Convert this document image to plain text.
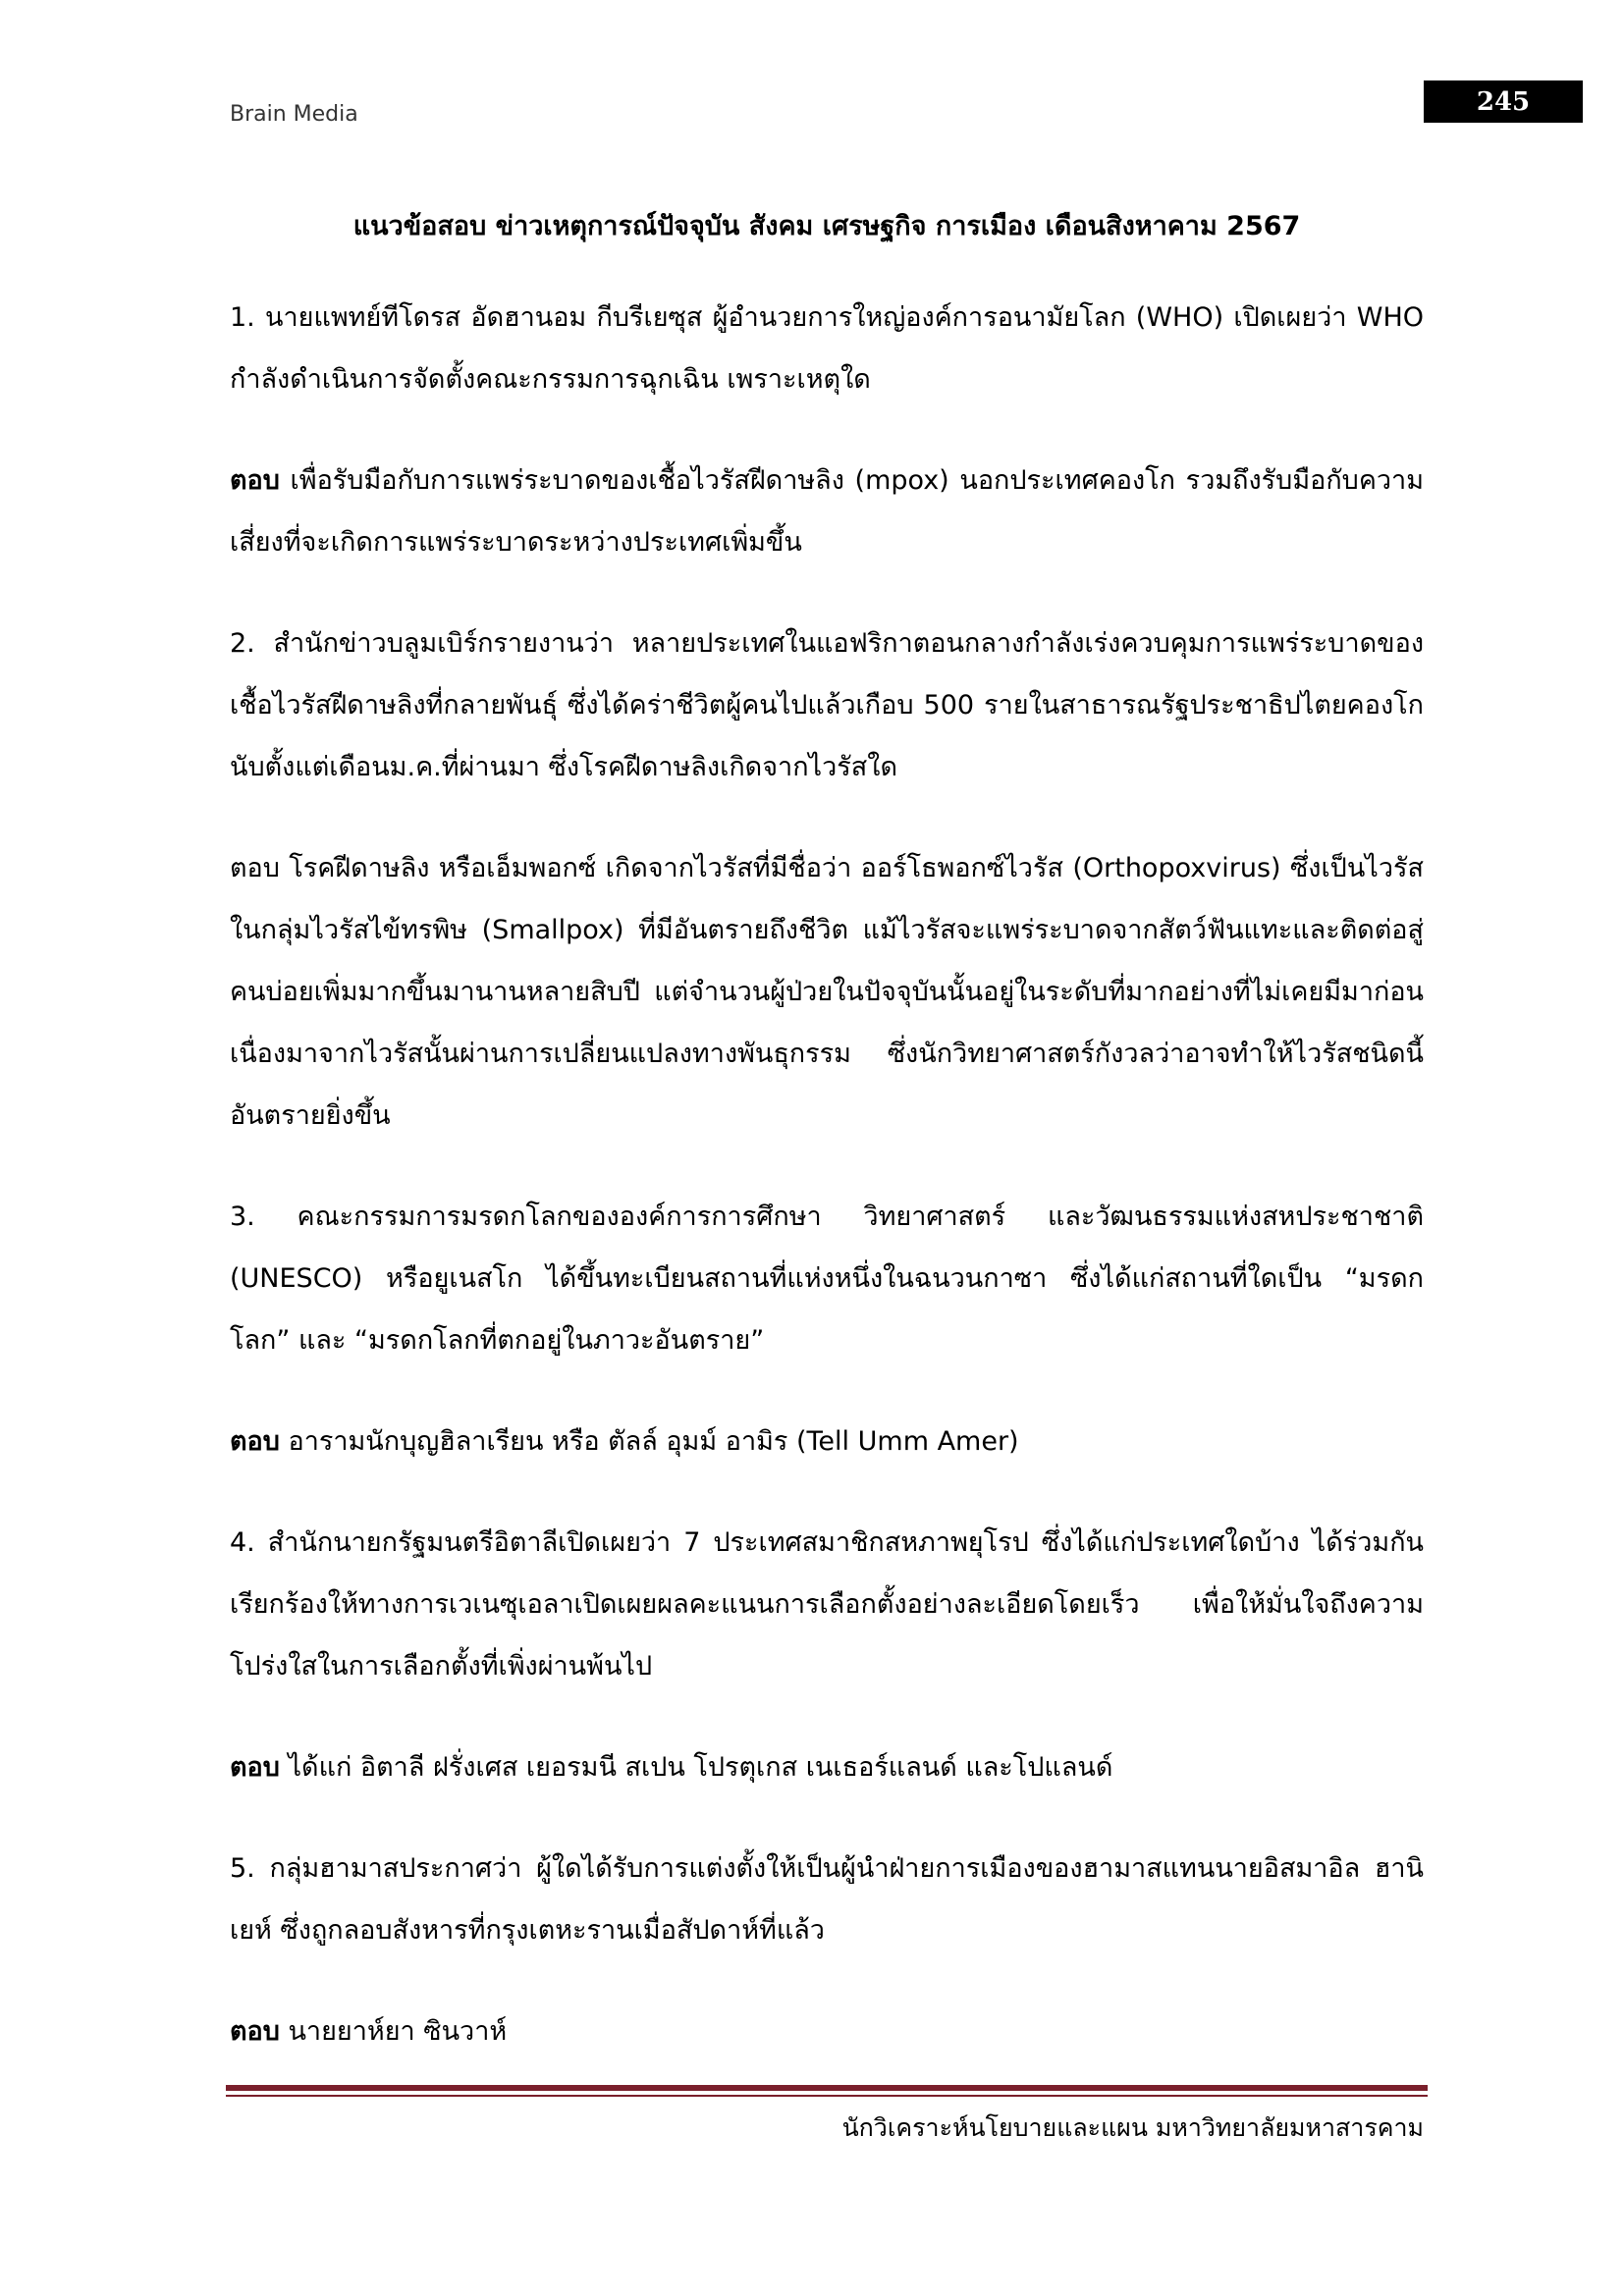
Brain Media	245
แนวข้อสอบ ข่าวเหตุการณ์ปัจจุบัน สังคม เศรษฐกิจ การเมือง เดือนสิงหาคาม 2567

1. นายแพทย์ทีโดรส อัดฮานอม กีบรีเยซุส ผู้อำนวยการใหญ่องค์การอนามัยโลก (WHO) เปิดเผยว่า WHO กำลังดำเนินการจัดตั้งคณะกรรมการฉุกเฉิน เพราะเหตุใด

ตอบ เพื่อรับมือกับการแพร่ระบาดของเชื้อไวรัสฝีดาษลิง (mpox) นอกประเทศคองโก รวมถึงรับมือกับความเสี่ยงที่จะเกิดการแพร่ระบาดระหว่างประเทศเพิ่มขึ้น

2. สำนักข่าวบลูมเบิร์กรายงานว่า หลายประเทศในแอฟริกาตอนกลางกำลังเร่งควบคุมการแพร่ระบาดของเชื้อไวรัสฝีดาษลิงที่กลายพันธุ์ ซึ่งได้คร่าชีวิตผู้คนไปแล้วเกือบ 500 รายในสาธารณรัฐประชาธิปไตยคองโกนับตั้งแต่เดือนม.ค.ที่ผ่านมา ซึ่งโรคฝีดาษลิงเกิดจากไวรัสใด

ตอบ โรคฝีดาษลิง หรือเอ็มพอกซ์ เกิดจากไวรัสที่มีชื่อว่า ออร์โธพอกซ์ไวรัส (Orthopoxvirus) ซึ่งเป็นไวรัสในกลุ่มไวรัสไข้ทรพิษ (Smallpox) ที่มีอันตรายถึงชีวิต แม้ไวรัสจะแพร่ระบาดจากสัตว์ฟันแทะและติดต่อสู่คนบ่อยเพิ่มมากขึ้นมานานหลายสิบปี แต่จำนวนผู้ป่วยในปัจจุบันนั้นอยู่ในระดับที่มากอย่างที่ไม่เคยมีมาก่อน เนื่องมาจากไวรัสนั้นผ่านการเปลี่ยนแปลงทางพันธุกรรม ซึ่งนักวิทยาศาสตร์กังวลว่าอาจทำให้ไวรัสชนิดนี้อันตรายยิ่งขึ้น

3. คณะกรรมการมรดกโลกขององค์การการศึกษา วิทยาศาสตร์ และวัฒนธรรมแห่งสหประชาชาติ (UNESCO) หรือยูเนสโก ได้ขึ้นทะเบียนสถานที่แห่งหนึ่งในฉนวนกาซา ซึ่งได้แก่สถานที่ใดเป็น “มรดกโลก” และ “มรดกโลกที่ตกอยู่ในภาวะอันตราย”

ตอบ อารามนักบุญฮิลาเรียน หรือ ตัลล์ อุมม์ อามิร (Tell Umm Amer)

4. สำนักนายกรัฐมนตรีอิตาลีเปิดเผยว่า 7 ประเทศสมาชิกสหภาพยุโรป ซึ่งได้แก่ประเทศใดบ้าง ได้ร่วมกันเรียกร้องให้ทางการเวเนซุเอลาเปิดเผยผลคะแนนการเลือกตั้งอย่างละเอียดโดยเร็ว เพื่อให้มั่นใจถึงความโปร่งใสในการเลือกตั้งที่เพิ่งผ่านพ้นไป

ตอบ ได้แก่ อิตาลี ฝรั่งเศส เยอรมนี สเปน โปรตุเกส เนเธอร์แลนด์ และโปแลนด์

5. กลุ่มฮามาสประกาศว่า ผู้ใดได้รับการแต่งตั้งให้เป็นผู้นำฝ่ายการเมืองของฮามาสแทนนายอิสมาอิล ฮานิเยห์ ซึ่งถูกลอบสังหารที่กรุงเตหะรานเมื่อสัปดาห์ที่แล้ว

ตอบ นายยาห์ยา ซินวาห์

นักวิเคราะห์นโยบายและแผน มหาวิทยาลัยมหาสารคาม
